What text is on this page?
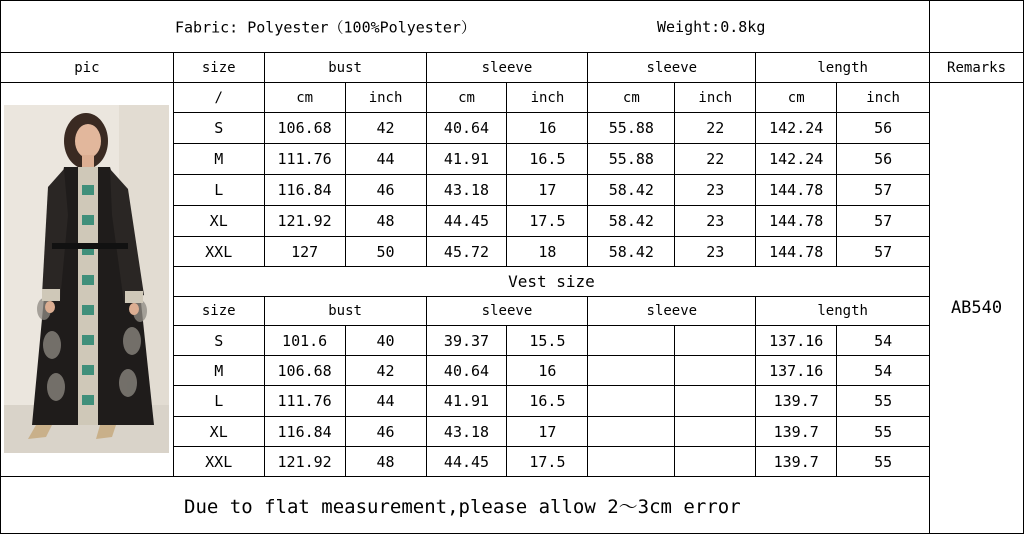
Fabric: Polyester（100%Polyester） Weight:0.8kg										

pic	size	bust		sleeve		sleeve		length		Remarks

	/	cm	inch	cm	inch	cm	inch	cm	inch	AB540
	S	106.68	42	40.64	16	55.88	22	142.24	56	
	M	111.76	44	41.91	16.5	55.88	22	142.24	56	
	L	116.84	46	43.18	17	58.42	23	144.78	57	
	XL	121.92	48	44.45	17.5	58.42	23	144.78	57	
	XXL	127	50	45.72	18	58.42	23	144.78	57	
	Vest size									
	size	bust		sleeve		sleeve		length		
	S	101.6	40	39.37	15.5			137.16	54	
	M	106.68	42	40.64	16			137.16	54	
	L	111.76	44	41.91	16.5			139.7	55	
	XL	116.84	46	43.18	17			139.7	55	
	XXL	121.92	48	44.45	17.5			139.7	55	
Due to flat measurement,please allow 2～3cm error										
